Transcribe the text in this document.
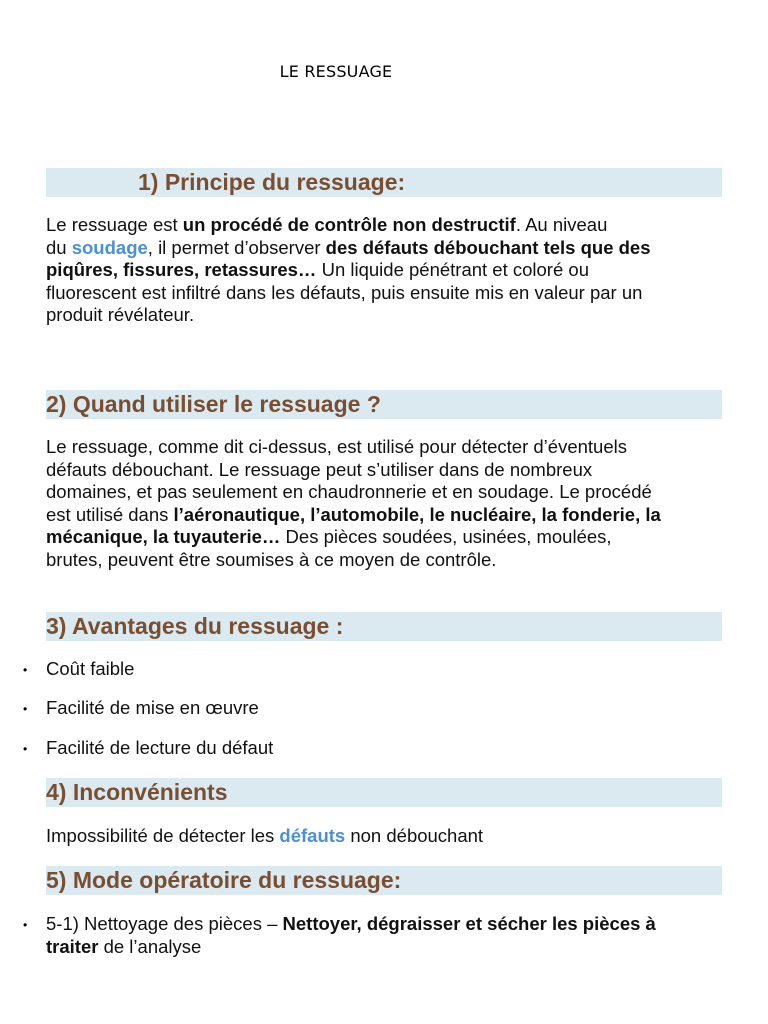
LE RESSUAGE
1) Principe du ressuage:
Le ressuage est un procédé de contrôle non destructif. Au niveau
du soudage, il permet d’observer des défauts débouchant tels que des
piqûres, fissures, retassures… Un liquide pénétrant et coloré ou
fluorescent est infiltré dans les défauts, puis ensuite mis en valeur par un
produit révélateur.
2) Quand utiliser le ressuage ?
Le ressuage, comme dit ci-dessus, est utilisé pour détecter d’éventuels
défauts débouchant. Le ressuage peut s’utiliser dans de nombreux
domaines, et pas seulement en chaudronnerie et en soudage. Le procédé
est utilisé dans l’aéronautique, l’automobile, le nucléaire, la fonderie, la
mécanique, la tuyauterie… Des pièces soudées, usinées, moulées,
brutes, peuvent être soumises à ce moyen de contrôle.
3) Avantages du ressuage :
• Coût faible
• Facilité de mise en œuvre
• Facilité de lecture du défaut
4) Inconvénients
Impossibilité de détecter les défauts non débouchant
5) Mode opératoire du ressuage:
• 5-1) Nettoyage des pièces – Nettoyer, dégraisser et sécher les pièces à
traiter de l’analyse
